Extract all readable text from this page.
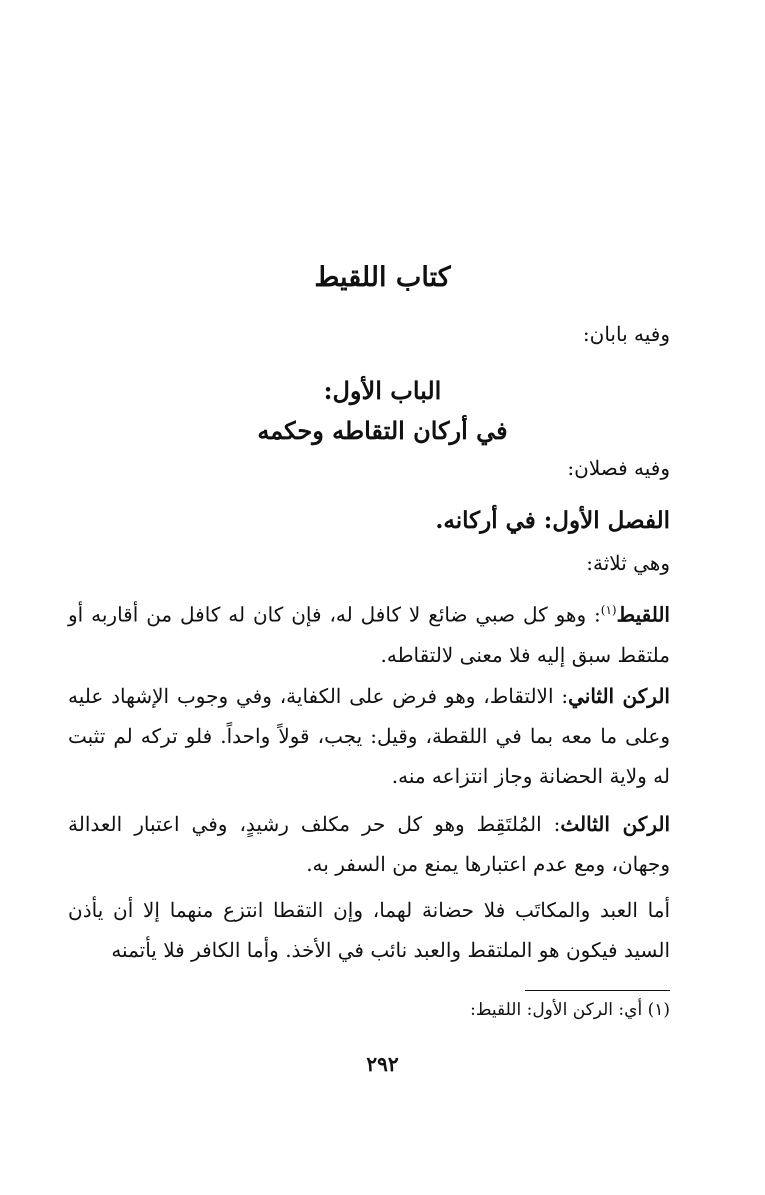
كتاب اللقيط
وفيه بابان:
الباب الأول:
في أركان التقاطه وحكمه
وفيه فصلان:
الفصل الأول: في أركانه.
وهي ثلاثة:
اللقيط$^{(١)}$: وهو كل صبي ضائع لا كافل له، فإن كان له كافل من أقاربه أو ملتقط سبق إليه فلا معنى لالتقاطه.
الركن الثاني: الالتقاط، وهو فرض على الكفاية، وفي وجوب الإشهاد عليه وعلى ما معه بما في اللقطة، وقيل: يجب، قولاً واحداً. فلو تركه لم تثبت له ولاية الحضانة وجاز انتزاعه منه.
الركن الثالث: المُلتَقِط وهو كل حر مكلف رشيدٍ، وفي اعتبار العدالة وجهان، ومع عدم اعتبارها يمنع من السفر به.
أما العبد والمكاتَب فلا حضانة لهما، وإن التقطا انتزع منهما إلا أن يأذن السيد فيكون هو الملتقط والعبد نائب في الأخذ. وأما الكافر فلا يأتمنه
(١) أي: الركن الأول: اللقيط:
٢٩٢
